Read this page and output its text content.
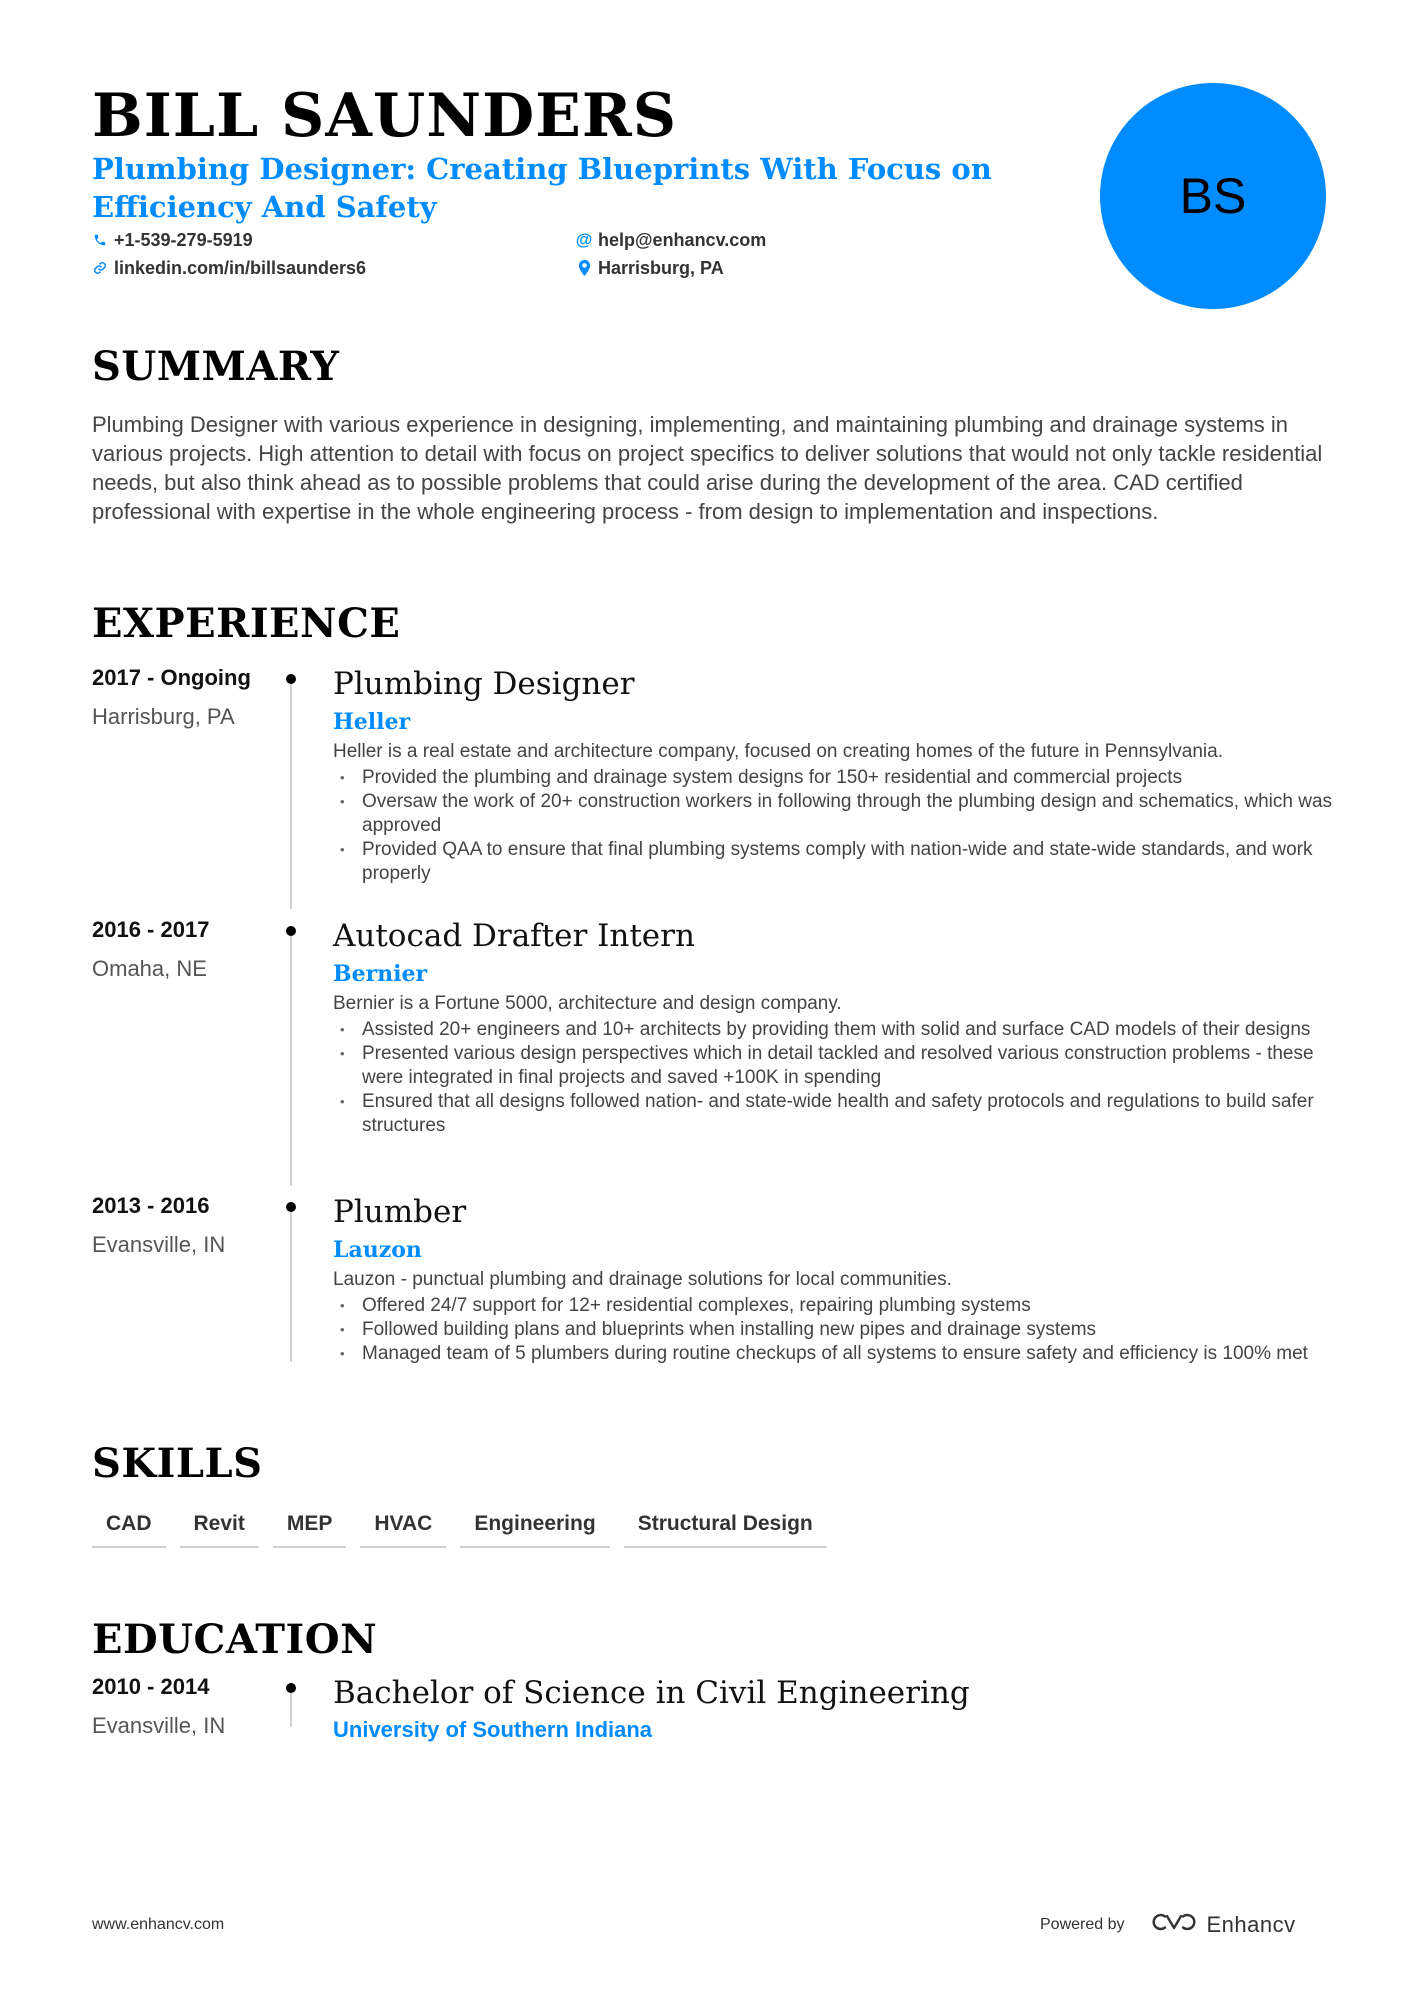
BILL SAUNDERS
Plumbing Designer: Creating Blueprints With Focus on Efficiency And Safety
+1-539-279-5919	@ help@enhancv.com
linkedin.com/in/billsaunders6	Harrisburg, PA
BS
SUMMARY
Plumbing Designer with various experience in designing, implementing, and maintaining plumbing and drainage systems in various projects. High attention to detail with focus on project specifics to deliver solutions that would not only tackle residential needs, but also think ahead as to possible problems that could arise during the development of the area. CAD certified professional with expertise in the whole engineering process - from design to implementation and inspections.
EXPERIENCE
2017 - Ongoing
Harrisburg, PA
Plumbing Designer
Heller
Heller is a real estate and architecture company, focused on creating homes of the future in Pennsylvania.
• Provided the plumbing and drainage system designs for 150+ residential and commercial projects
• Oversaw the work of 20+ construction workers in following through the plumbing design and schematics, which was approved
• Provided QAA to ensure that final plumbing systems comply with nation-wide and state-wide standards, and work properly
2016 - 2017
Omaha, NE
Autocad Drafter Intern
Bernier
Bernier is a Fortune 5000, architecture and design company.
• Assisted 20+ engineers and 10+ architects by providing them with solid and surface CAD models of their designs
• Presented various design perspectives which in detail tackled and resolved various construction problems - these were integrated in final projects and saved +100K in spending
• Ensured that all designs followed nation- and state-wide health and safety protocols and regulations to build safer structures
2013 - 2016
Evansville, IN
Plumber
Lauzon
Lauzon - punctual plumbing and drainage solutions for local communities.
• Offered 24/7 support for 12+ residential complexes, repairing plumbing systems
• Followed building plans and blueprints when installing new pipes and drainage systems
• Managed team of 5 plumbers during routine checkups of all systems to ensure safety and efficiency is 100% met
SKILLS
CAD	Revit	MEP	HVAC	Engineering	Structural Design
EDUCATION
2010 - 2014
Evansville, IN
Bachelor of Science in Civil Engineering
University of Southern Indiana
www.enhancv.com	Powered by	Enhancv
